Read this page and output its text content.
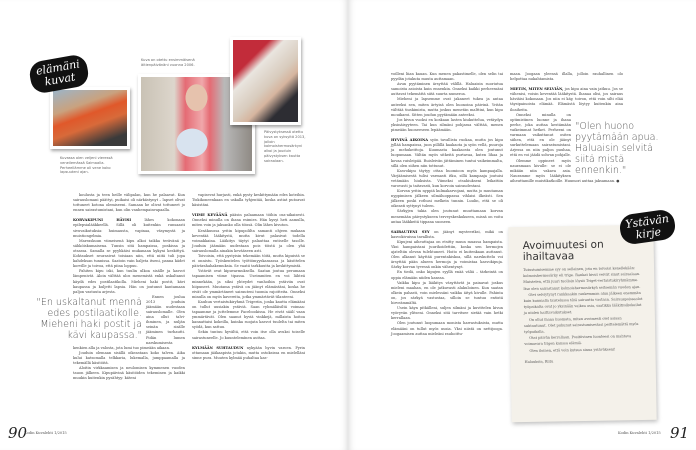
elämäni kuvat
Kuvassa olen veljeni vieressä veneilemässä Saimaalla. Perheellämme oli vene koko lapsuuteni ajan.
Kuva on otettu ensimmäisenä äitienpäivänäni vuonna 2006.
Päivystyksessä otettu kuva on syksyltä 2013, jolloin kolmoishermosärkyni alkoi ja jouduin päivystyksen kautta sairaalaan.

koulusta ja teen heille välipalan, kun he palaavat. Kun sairauslomani päättyi, puikaisi oli närkästynyt – lapset olivat tottuneet kotona olemiseeni. Samaan he olivat tottuneet jo ennen sairastumistani, kun olin vanhempainvapaalla.

KORVAKIPUNI HÄVISI lähes kokonaan epilepsialääkkeellä. Sillä oli kuitenkin runsaasti sivuvaikutuksia: huimausta, vapinaa, väsymystä ja muistiongelmia.

Marraskuun viimeisenä kipu alkoi taikka terävänä ja sähköiskumaisena. Tunsin sitä hampaissa, poskissa ja otsassa. Samalla se pyyhkäisi mukanaan kykyni keskittyä. Kohtaukset seurasivat toisiaan niin, että niitä tuli jopa kahdeksan tunnissa. Saatoin vain haljeta itseni, panna kädet korville ja toivoa, että piina loppuu.

Pahiten kipu iski, kun tuulin ulkoa sisälle ja kasvot lämpenivät. Aloin välttää ulos menemistä enkä uskaltanut käydä edes postilaatikolla. Mieheni haki postit, kävi kaupassa ja kuljetti lapsia. Hän on joutunut kantamaan paljon vastuuta arjesta.

"En uskaltanut mennä edes postilaatikolle. Mieheni haki postit ja kävi kaupassa."

Ennen joulua 2013 jouduin jäämään uudestaan sairauslomalle. Olen aina ollut talvi-ihminen, ja nuljän seinän sisälle jääminen turhautti. Pidän lumen narskumisesta kenkien alla ja valosta, jota lumi tuo pimeään aikaan.

Jouduin olemaan sisällä oikeastaan koko talven. Aika kului katsomalla telkkaria, lukemalla, jumppaamalla ja tekemällä käsitöitä.

Aloitin virkkaamisen ja neulomisen kymmenen vuoden tauon jälkeen. Kipupäivinä käsitöiden tekeminen ja kaikki muukin kuitenkin pysähtyy: käteni

vapisevat hurjasti, enkä pysty keskittymään edes koteihin. Tiskikoneenkaan en uskalla tyhjentää, koska astiat putoavat käsistäni.

VIIME KEVÄÄNÄ pääsin palaamaan töihin osa-aikaisesti. Onneksi minulla on ihana esimies. Hän kysyi heti aamulla, miten voin ja jaksanko olla töissä. Olin lähes kivuton.

Kesäkuussa yritin kipupolilta samanti ohjeen mukaan keventää lääkitystä, mutta kivut palasivat todella voimakkaina. Lääkitys täytyi palauttaa entiselle tasolle. Jouduin jäämään uudestaan pois töistä ja olen yhä sairauslomalla ainakin kevääseen asti.

Toivoisin, että pystyisin tekemään töitä, mutta kipuistä se ei onnistu. Työskentelen työttömyyskassassa ja käsittelen päivärahahakemuksia. Se vaatii tarkkuutta ja keskittymistä.

Ystävät ovat kipuvarmuksella. Saatan joutua perumaan tapaamisen viime tipassa. Useimmiten en voi lähteä minnekään, ja siksi yhteydet vanhoihin ystäviin ovat hiipuneet. Muutama ystävä on jäänyt elämästäni, koska he eivät ole ymmärtäneet sairauteni tuomia rajoitteita. Onneksi minulla on myös kavereita, jotka ymmärtävät tilanteeni.

Kauhun vertaistukiryhmä Trigeriin, jonka kautta elämääni on tullut uusiakin ystäviä. Saan ryhmäläisiltä voimaa: tapaamme ja juttelemme Facebookissa. He eivät säälí vaan ymmärtävät. Olen saanut hyviä vinkkejä, millaista hoitoa kannattaisi kokeilla, kuinka suojata kasvot tuulelta tai miten syödä, kun sattuu.

Sekin tuntuu hyvältä, että voin itse olla avuksi toiselle sairastuneelle. Jo kuuntelemínen auttaa.

KYLMÄÄN SUHTAUDUN nykyään hyvin varoen. Pyrin ottamaan jääkaapista jotakin, mutta ostoksissa en mielelläni sinne pura. Muuten kylmää puhaltaa kas-

90
Kodin Kuvalehti 1/2015

voilleni liian kauan. Kun menen pakastimelle, olen selin tai pyydän jotakuta muuta auttamaan.

Avun pyytäminen ärsyttää välillä. Haluaisin suoriutua samoista asioista kuin ennenkin. Onneksi kaikki perheessäni auttavat tekemättä siitä suurta numeroa.

Mieheni ja lapsemme ovat jakaneet tukea ja antaa anteeksi sen, miten ärtyisä olen huonoina päivinä. Yritän välttää tiuskimista, mutta joskus menetän malttini, kun kipu mouikaroi. Sitten joudun pyytämään anteeksi.

Jos kivun vuoksi en koskaan lasten kiukutteluа, vetäydyn yksinäisyyteen. Tai kun silmäni pohjassa välttää, menen pimeään huoneeseen lepäämään.

HYVINÄ AIKOINA syön tavallista ruokaa, mutta jos kipu jyllää hampaissa, juon pillillä kaakaota ja syön vellä, puuroja ja mehukeittoja. Kuumasta kaakaosta olen joutunut luopumaan. Vältän myös sitkeitä purtavaa, kuten lihaa ja kovaa ruisleipää. Ruisleivän jättäminen tuntui vaikeimmalta, sillä olen siihen niin tottunut.

Kasvokipu täytyy ottaa huomioon myös kampaajalla. Värjäämisestä tulisi varmasti itku, sillä kampaaja joutuisi vetämään hiuksista. Viimeksi otsahiukseni leikattiin varovasti ja taitavasti, kun korvoin sairaudestani.

Korvan yritin nyppiä kulmakarvojani, mutta jo muutaman nyppimisen jälkeen silmäluoppassa vihlaisi ilkeästi. Sen jälkeen poski rothusi melkein tunnin. Luulin, että se oli oikeasti syttynyt tuleen.

Särkyjen takia olen joutunut muuttamaan korvan menemään päivystykseen terveyskeskukseen, missä on voitu antaa lääkkeitä tippana suoneen.

SAIRAUTENI SYY on jäänyt mysteeriksi, mikä on kasvokivuissa tavallista.

Kipujeni aiheuttajaa on etsitty muun muassa hampaista. Yksi hampaistani juurihoidettiin, koska sen hermojen ajateltiin olevan tulehtuneet. Hoito ei kuitenkaan auttanut. Olen alkanut käyttää purentakiskoa, sillä narskuttelu voi ärsyttää pään alueen hermoja ja voimistaa kasvokipuja. Särky korvan tyvessä onkin vähentynyt.

En tiedä, onko kipujen syyllä enää väliä – tärkeintä on oppia elämään niiden kanssa.

Vaikka kipu ja lääkitys väsyttävät ja painavat joskus mieleni maahan, en ole jatkuvasti alakuloinen. Kun saatan olkein pahasti, voin mielessäni vaikka äityä kivulle. Pahinta on, jos särkyä vastustaa, silloin se tuntuu entistä hirveämmältä.

Usein käyn pitkälleni, suljen silmäni ja kuvittelen kivun vyöryvän ylitseni. Onneksi sitä tarvitsee sietää vain hetki kerrallaan.

Olen joutunut luopumaan monista harrastuksista, mutta elämääni on tullut myös uusia. Yksi niistä on nettijooga. Joogaamisen auttaa mieleäni rauhoittu-

maan. Joogaan yleensä illalla, jolloin rauhallinen olo helpottaa nukahtamista.

MIETIN, MITEN SELVIÄN, jos kipu aina vain jatkuu. Jos se vähenisi, voisin keventää lääkitystä. Ihanaa olisi, jos sairaus häviäisi kokonaan. Jos niin ei käy, toivon, että voin silti elää täysipainoista elämää. Elämästä löytyy kuitenkin aina iloaiheita.

"Olen huono pyytämään apua. Haluaisin selvitä siitä mistä ennenkin."

Onneksi minulla on optimistinen luonne ja ihana perhe, joka auttaa kestämään vaikeimmat hetket. Perheeni on varmaan vaikuttanut ositen siihen, että en ole jäänyt surkuttelemaan sairastumistani. Arjessa on niin paljon puuhaa, että en voi jäädä sohvan pohjalle.

Olemme oppineet myös nauramaan kivulle: se ei ole mikään niin vakava asia. Nauramme myös lääkityksen aiheuttamille muistikatkoille. Huumori auttaa jaksamaan. ●

Avoimuutesi on ihailtavaa

Tutustumisemme syy on sellainen, jota en toivoisi kenellekään: kolmoishermosärky eli trige. Rankat kivut veivät sinut sairaalaan. Muistelen, että juuri tuolloin löysit Triget-vertaistukiryhmämme. Itse olen sairastanut kolmoishermosärkyä seitsemän vuoden ajan.

Olet selviytynyt rankkaakin rankemman alun jälkeen enemmän kuin kunnialla taistelussa tätä sairautta vastaan. Sairauspoissaolot työpaikalta ovat jo yksinään vaikea asia, saatikka lääkitysikokeilut ja niiden haittavaikutukset.

On ollut ihana huomata, miten avoimesti olet asiaan suhtautunut. Olet puhunut sairastumisestasi peittelemättä myös työpaikalla.

Otat päivän kerrallaan. Positiivinen luonteesi on mahtava voimavara trigen kanssa elämiä.

Olen iloinen, että voin kutsua sinua ystäväkseni!

Halauksin, Riitu

Ystävän kirje
Kodin Kuvalehti 1/2015 91
